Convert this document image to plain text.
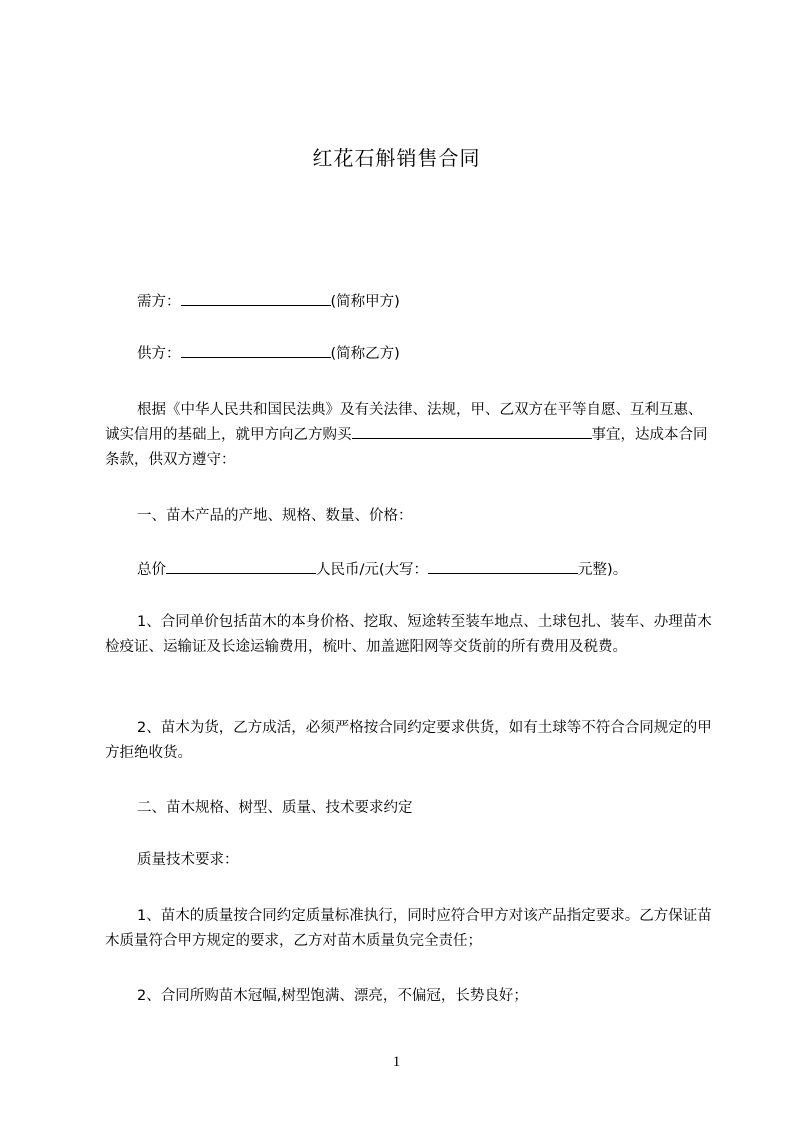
红花石斛销售合同

需方：	(简称甲方)

供方：	(简称乙方)

根据《中华人民共和国民法典》及有关法律、法规，甲、乙双方在平等自愿、互利互惠、诚实信用的基础上，就甲方向乙方购买	事宜，达成本合同条款，供双方遵守：

一、苗木产品的产地、规格、数量、价格：

总价	人民币/元(大写：	元整)。

1、合同单价包括苗木的本身价格、挖取、短途转至装车地点、土球包扎、装车、办理苗木检疫证、运输证及长途运输费用，梳叶、加盖遮阳网等交货前的所有费用及税费。

2、苗木为货，乙方成活，必须严格按合同约定要求供货，如有土球等不符合合同规定的甲方拒绝收货。

二、苗木规格、树型、质量、技术要求约定

质量技术要求：

1、苗木的质量按合同约定质量标准执行，同时应符合甲方对该产品指定要求。乙方保证苗木质量符合甲方规定的要求，乙方对苗木质量负完全责任；

2、合同所购苗木冠幅,树型饱满、漂亮，不偏冠，长势良好；

1
